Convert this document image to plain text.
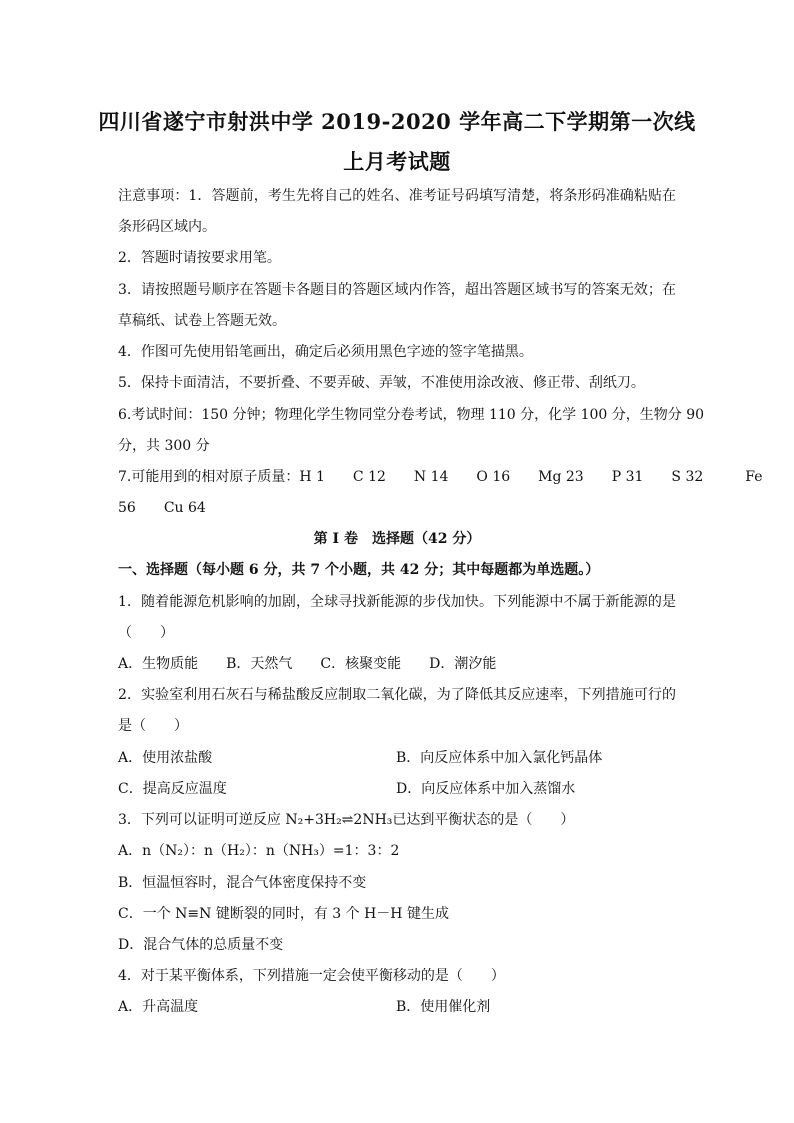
四川省遂宁市射洪中学 2019-2020 学年高二下学期第一次线
上月考试题
注意事项：1．答题前，考生先将自己的姓名、准考证号码填写清楚，将条形码准确粘贴在
条形码区域内。
2．答题时请按要求用笔。
3．请按照题号顺序在答题卡各题目的答题区域内作答，超出答题区域书写的答案无效；在
草稿纸、试卷上答题无效。
4．作图可先使用铅笔画出，确定后必须用黑色字迹的签字笔描黑。
5．保持卡面清洁，不要折叠、不要弄破、弄皱，不准使用涂改液、修正带、刮纸刀。
6.考试时间：150 分钟；物理化学生物同堂分卷考试，物理 110 分，化学 100 分，生物分 90
分，共 300 分
7.可能用到的相对原子质量：H 1　　C 12　　N 14　　O 16　　Mg 23　　P 31　　S 32　　　Fe
56　　Cu 64
第 I 卷　选择题（42 分）
一、选择题（每小题 6 分，共 7 个小题，共 42 分；其中每题都为单选题。）
1．随着能源危机影响的加剧，全球寻找新能源的步伐加快。下列能源中不属于新能源的是
（　　）
A．生物质能　　B．天然气　　C．核聚变能　　D．潮汐能
2．实验室利用石灰石与稀盐酸反应制取二氧化碳，为了降低其反应速率，下列措施可行的
是（　　）
A．使用浓盐酸	B．向反应体系中加入氯化钙晶体
C．提高反应温度	D．向反应体系中加入蒸馏水
3．下列可以证明可逆反应 N₂+3H₂⇌2NH₃已达到平衡状态的是（　　）
A．n（N₂）：n（H₂）：n（NH₃）=1：3：2
B．恒温恒容时，混合气体密度保持不变
C．一个 N≡N 键断裂的同时，有 3 个 H－H 键生成
D．混合气体的总质量不变
4．对于某平衡体系，下列措施一定会使平衡移动的是（　　）
A．升高温度	B．使用催化剂
